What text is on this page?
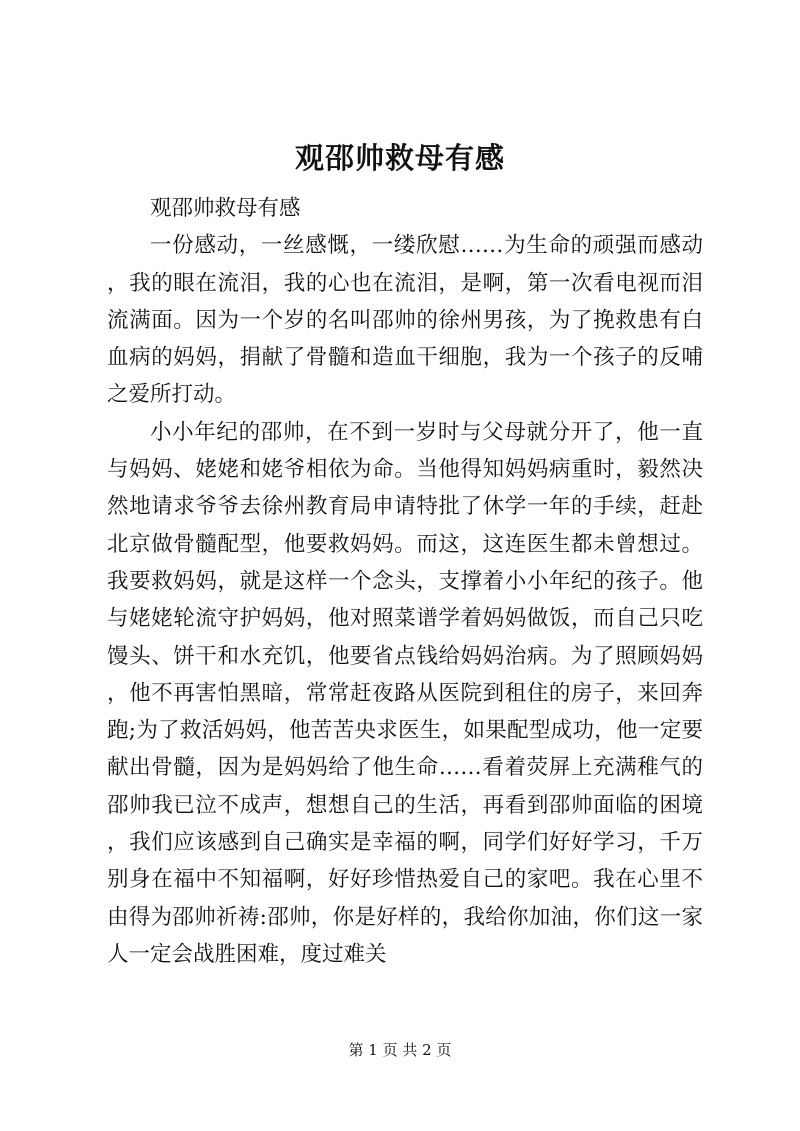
观邵帅救母有感

观邵帅救母有感

一份感动，一丝感慨，一缕欣慰……为生命的顽强而感动，我的眼在流泪，我的心也在流泪，是啊，第一次看电视而泪流满面。因为一个岁的名叫邵帅的徐州男孩，为了挽救患有白血病的妈妈，捐献了骨髓和造血干细胞，我为一个孩子的反哺之爱所打动。

小小年纪的邵帅，在不到一岁时与父母就分开了，他一直与妈妈、姥姥和姥爷相依为命。当他得知妈妈病重时，毅然决然地请求爷爷去徐州教育局申请特批了休学一年的手续，赶赴北京做骨髓配型，他要救妈妈。而这，这连医生都未曾想过。我要救妈妈，就是这样一个念头，支撑着小小年纪的孩子。他与姥姥轮流守护妈妈，他对照菜谱学着妈妈做饭，而自己只吃馒头、饼干和水充饥，他要省点钱给妈妈治病。为了照顾妈妈，他不再害怕黑暗，常常赶夜路从医院到租住的房子，来回奔跑;为了救活妈妈，他苦苦央求医生，如果配型成功，他一定要献出骨髓，因为是妈妈给了他生命……看着荧屏上充满稚气的邵帅我已泣不成声，想想自己的生活，再看到邵帅面临的困境，我们应该感到自己确实是幸福的啊，同学们好好学习，千万别身在福中不知福啊，好好珍惜热爱自己的家吧。我在心里不由得为邵帅祈祷:邵帅，你是好样的，我给你加油，你们这一家人一定会战胜困难，度过难关

第 1 页 共 2 页
